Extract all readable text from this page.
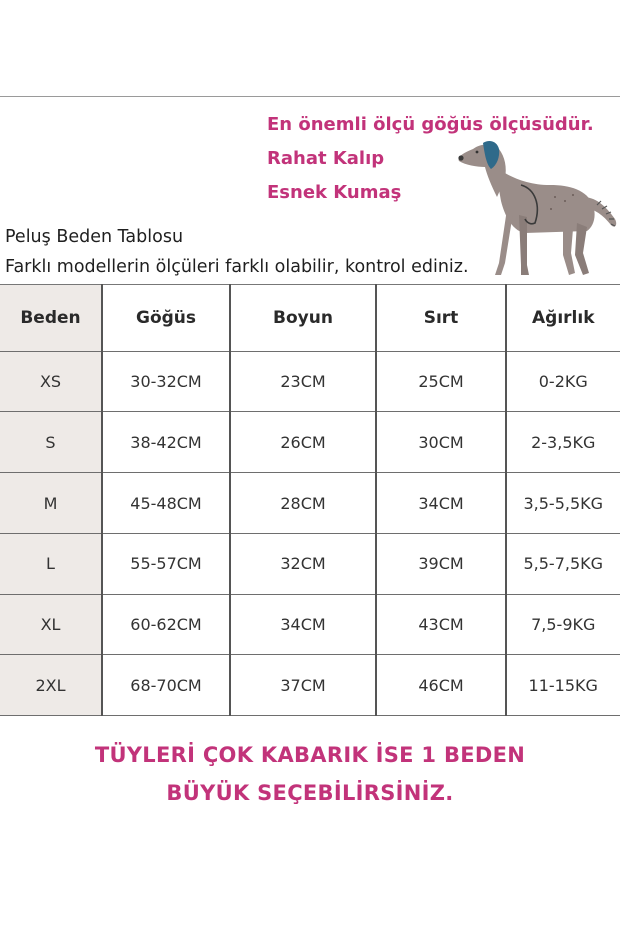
En önemli ölçü göğüs ölçüsüdür.
Rahat Kalıp
Esnek Kumaş
Peluş Beden Tablosu
Farklı modellerin ölçüleri farklı olabilir, kontrol ediniz.
Beden	Göğüs	Boyun	Sırt	Ağırlık
XS	30-32CM	23CM	25CM	0-2KG
S	38-42CM	26CM	30CM	2-3,5KG
M	45-48CM	28CM	34CM	3,5-5,5KG
L	55-57CM	32CM	39CM	5,5-7,5KG
XL	60-62CM	34CM	43CM	7,5-9KG
2XL	68-70CM	37CM	46CM	11-15KG
TÜYLERİ ÇOK KABARIK İSE 1 BEDEN
BÜYÜK SEÇEBİLİRSİNİZ.
